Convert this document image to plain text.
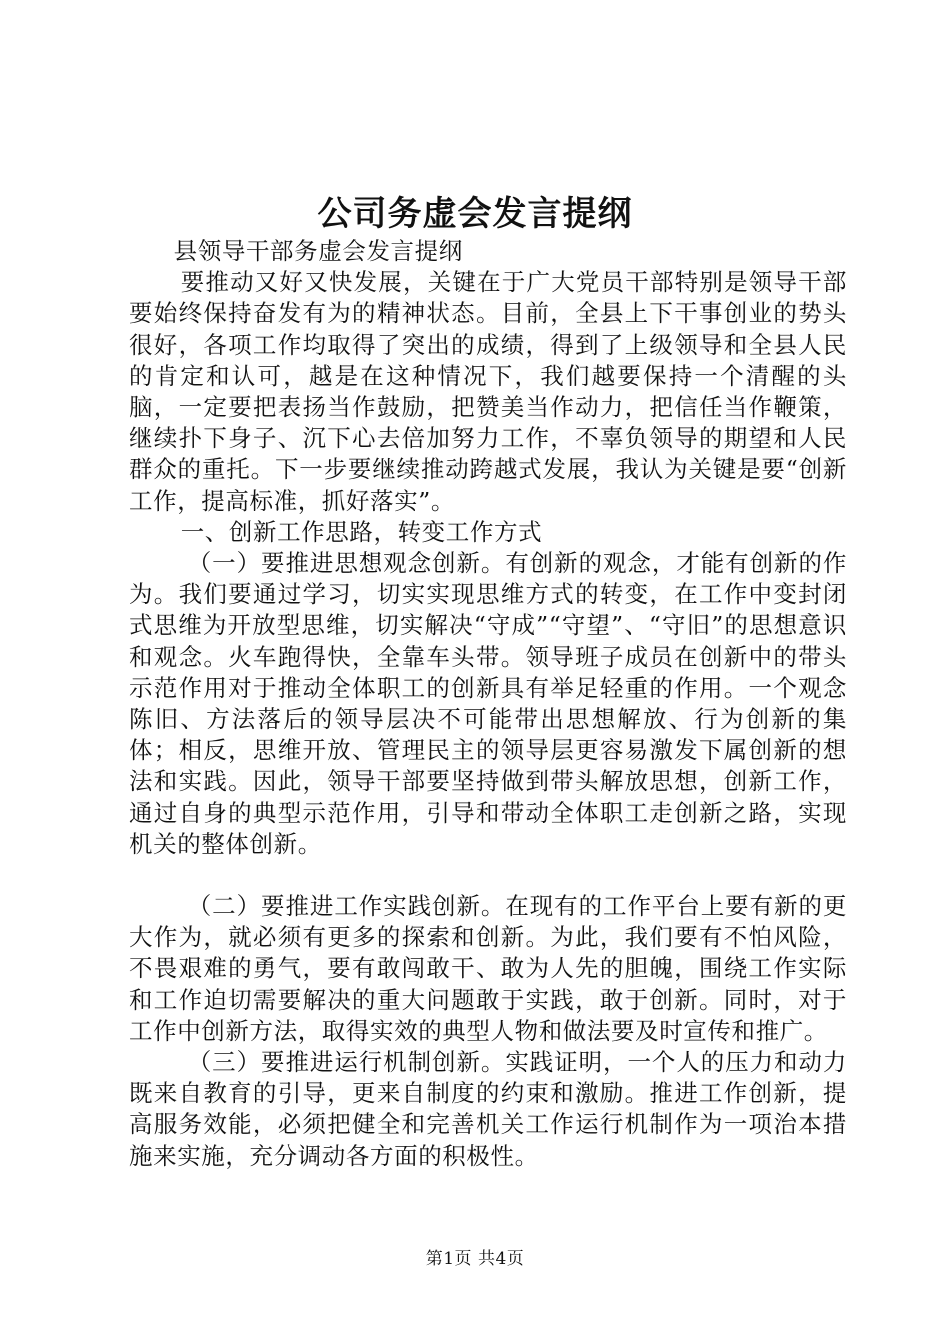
公司务虚会发言提纲

县领导干部务虚会发言提纲

要推动又好又快发展，关键在于广大党员干部特别是领导干部要始终保持奋发有为的精神状态。目前，全县上下干事创业的势头很好，各项工作均取得了突出的成绩，得到了上级领导和全县人民的肯定和认可，越是在这种情况下，我们越要保持一个清醒的头脑，一定要把表扬当作鼓励，把赞美当作动力，把信任当作鞭策，继续扑下身子、沉下心去倍加努力工作，不辜负领导的期望和人民群众的重托。下一步要继续推动跨越式发展，我认为关键是要“创新工作，提高标准，抓好落实”。

一、创新工作思路，转变工作方式

（一）要推进思想观念创新。有创新的观念，才能有创新的作为。我们要通过学习，切实实现思维方式的转变，在工作中变封闭式思维为开放型思维，切实解决“守成”“守望”、“守旧”的思想意识和观念。火车跑得快，全靠车头带。领导班子成员在创新中的带头示范作用对于推动全体职工的创新具有举足轻重的作用。一个观念陈旧、方法落后的领导层决不可能带出思想解放、行为创新的集体；相反，思维开放、管理民主的领导层更容易激发下属创新的想法和实践。因此，领导干部要坚持做到带头解放思想，创新工作，通过自身的典型示范作用，引导和带动全体职工走创新之路，实现机关的整体创新。

（二）要推进工作实践创新。在现有的工作平台上要有新的更大作为，就必须有更多的探索和创新。为此，我们要有不怕风险，不畏艰难的勇气，要有敢闯敢干、敢为人先的胆魄，围绕工作实际和工作迫切需要解决的重大问题敢于实践，敢于创新。同时，对于工作中创新方法，取得实效的典型人物和做法要及时宣传和推广。

（三）要推进运行机制创新。实践证明，一个人的压力和动力既来自教育的引导，更来自制度的约束和激励。推进工作创新，提高服务效能，必须把健全和完善机关工作运行机制作为一项治本措施来实施，充分调动各方面的积极性。

第1页 共4页
